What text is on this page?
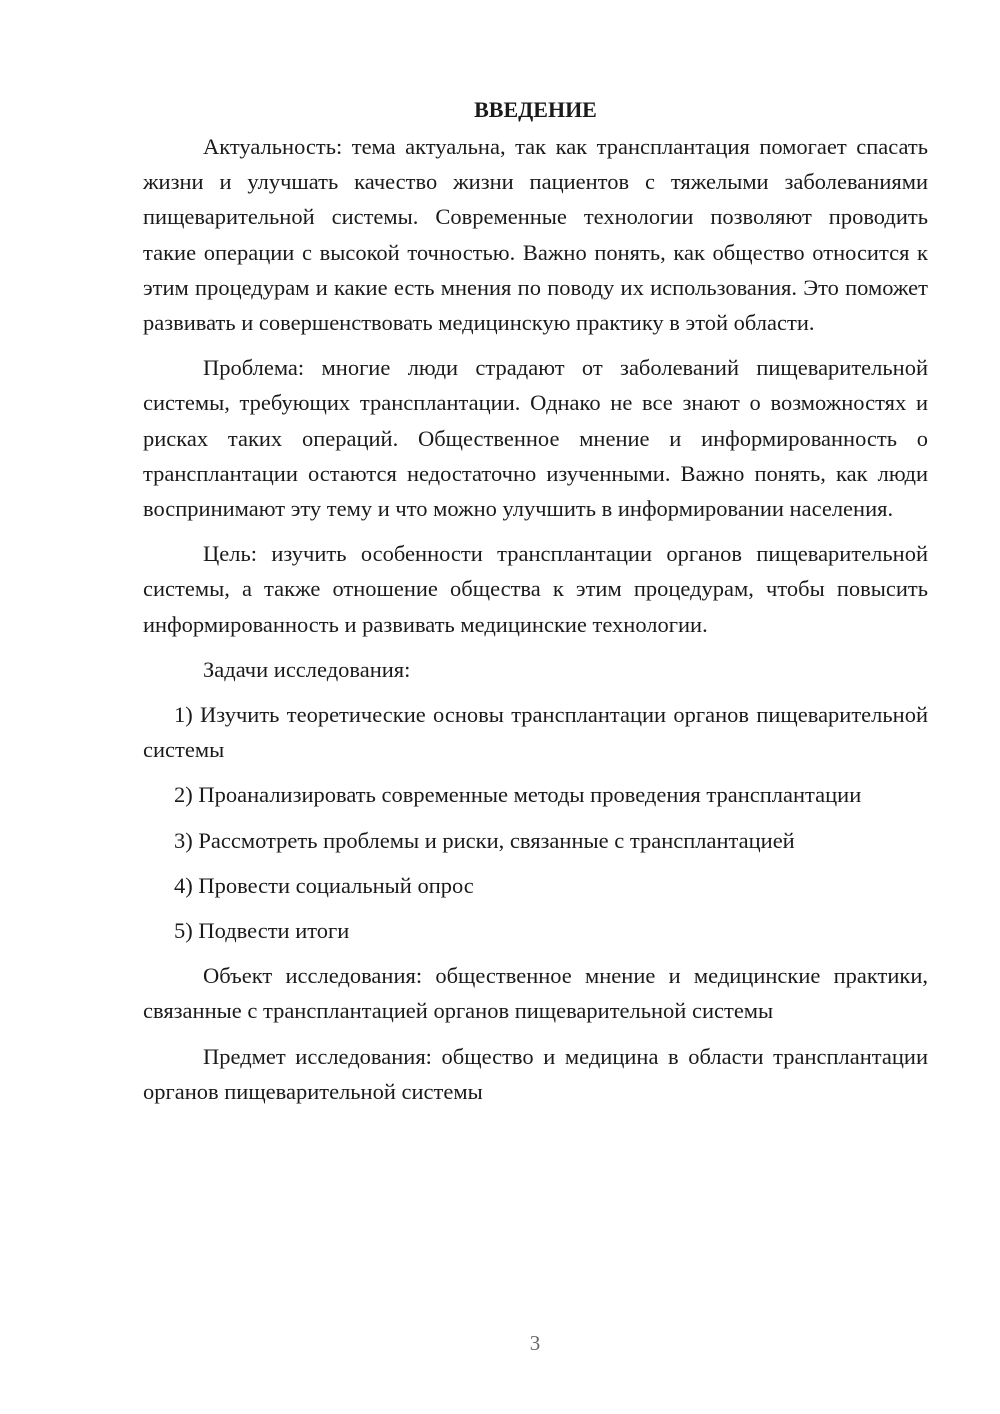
ВВЕДЕНИЕ

Актуальность: тема актуальна, так как трансплантация помогает спасать жизни и улучшать качество жизни пациентов с тяжелыми заболеваниями пищеварительной системы. Современные технологии позволяют проводить такие операции с высокой точностью. Важно понять, как общество относится к этим процедурам и какие есть мнения по поводу их использования. Это поможет развивать и совершенствовать медицинскую практику в этой области.

Проблема: многие люди страдают от заболеваний пищеварительной системы, требующих трансплантации. Однако не все знают о возможностях и рисках таких операций. Общественное мнение и информированность о трансплантации остаются недостаточно изученными. Важно понять, как люди воспринимают эту тему и что можно улучшить в информировании населения.

Цель: изучить особенности трансплантации органов пищеварительной системы, а также отношение общества к этим процедурам, чтобы повысить информированность и развивать медицинские технологии.

Задачи исследования:

1) Изучить теоретические основы трансплантации органов пищеварительной системы

2) Проанализировать современные методы проведения трансплантации

3) Рассмотреть проблемы и риски, связанные с трансплантацией

4) Провести социальный опрос

5) Подвести итоги

Объект исследования: общественное мнение и медицинские практики, связанные с трансплантацией органов пищеварительной системы

Предмет исследования: общество и медицина в области трансплантации органов пищеварительной системы

3
